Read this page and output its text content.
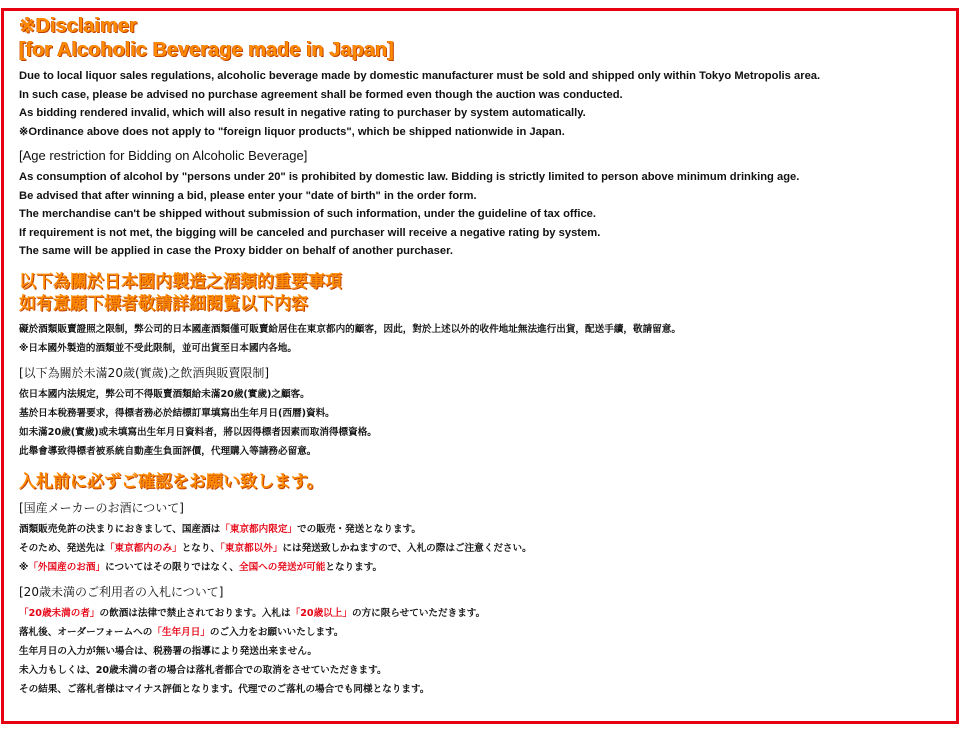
※Disclaimer
[for Alcoholic Beverage made in Japan]

Due to local liquor sales regulations, alcoholic beverage made by domestic manufacturer must be sold and shipped only within Tokyo Metropolis area.

In such case, please be advised no purchase agreement shall be formed even though the auction was conducted.

As bidding rendered invalid, which will also result in negative rating to purchaser by system automatically.

※Ordinance above does not apply to "foreign liquor products", which be shipped nationwide in Japan.

[Age restriction for Bidding on Alcoholic Beverage]

As consumption of alcohol by "persons under 20" is prohibited by domestic law. Bidding is strictly limited to person above minimum drinking age.

Be advised that after winning a bid, please enter your "date of birth" in the order form.

The merchandise can't be shipped without submission of such information, under the guideline of tax office.

If requirement is not met, the bigging will be canceled and purchaser will receive a negative rating by system.

The same will be applied in case the Proxy bidder on behalf of another purchaser.

以下為關於日本國内製造之酒類的重要事項
如有意願下標者敬請詳細閱覧以下内容

礙於酒類販賣證照之限制，弊公司的日本國產酒類僅可販賣給居住在東京都内的顧客，因此，對於上述以外的收件地址無法進行出貨，配送手續，敬請留意。

※日本國外製造的酒類並不受此限制，並可出貨至日本國内各地。

[以下為關於未滿20歲(實歲)之飲酒與販賣限制]

依日本國内法規定，弊公司不得販賣酒類給未滿20歲(實歲)之顧客。

基於日本稅務署要求，得標者務必於結標訂單填寫出生年月日(西曆)資料。

如未滿20歲(實歲)或未填寫出生年月日資料者，將以因得標者因素而取消得標資格。

此舉會導致得標者被系統自動產生負面評價，代理購入等請務必留意。

入札前に必ずご確認をお願い致します。
[国産メーカーのお酒について]

酒類販売免許の決まりにおきまして、国産酒は「東京都内限定」での販売・発送となります。

そのため、発送先は「東京都内のみ」となり、「東京都以外」には発送致しかねますので、入札の際はご注意ください。

※「外国産のお酒」についてはその限りではなく、全国への発送が可能となります。

[20歳未満のご利用者の入札について]

「20歳未満の者」の飲酒は法律で禁止されております。入札は「20歳以上」の方に限らせていただきます。

落札後、オーダーフォームへの「生年月日」のご入力をお願いいたします。

生年月日の入力が無い場合は、税務署の指導により発送出来ません。

未入力もしくは、20歳未満の者の場合は落札者都合での取消をさせていただきます。

その結果、ご落札者様はマイナス評価となります。代理でのご落札の場合でも同様となります。
